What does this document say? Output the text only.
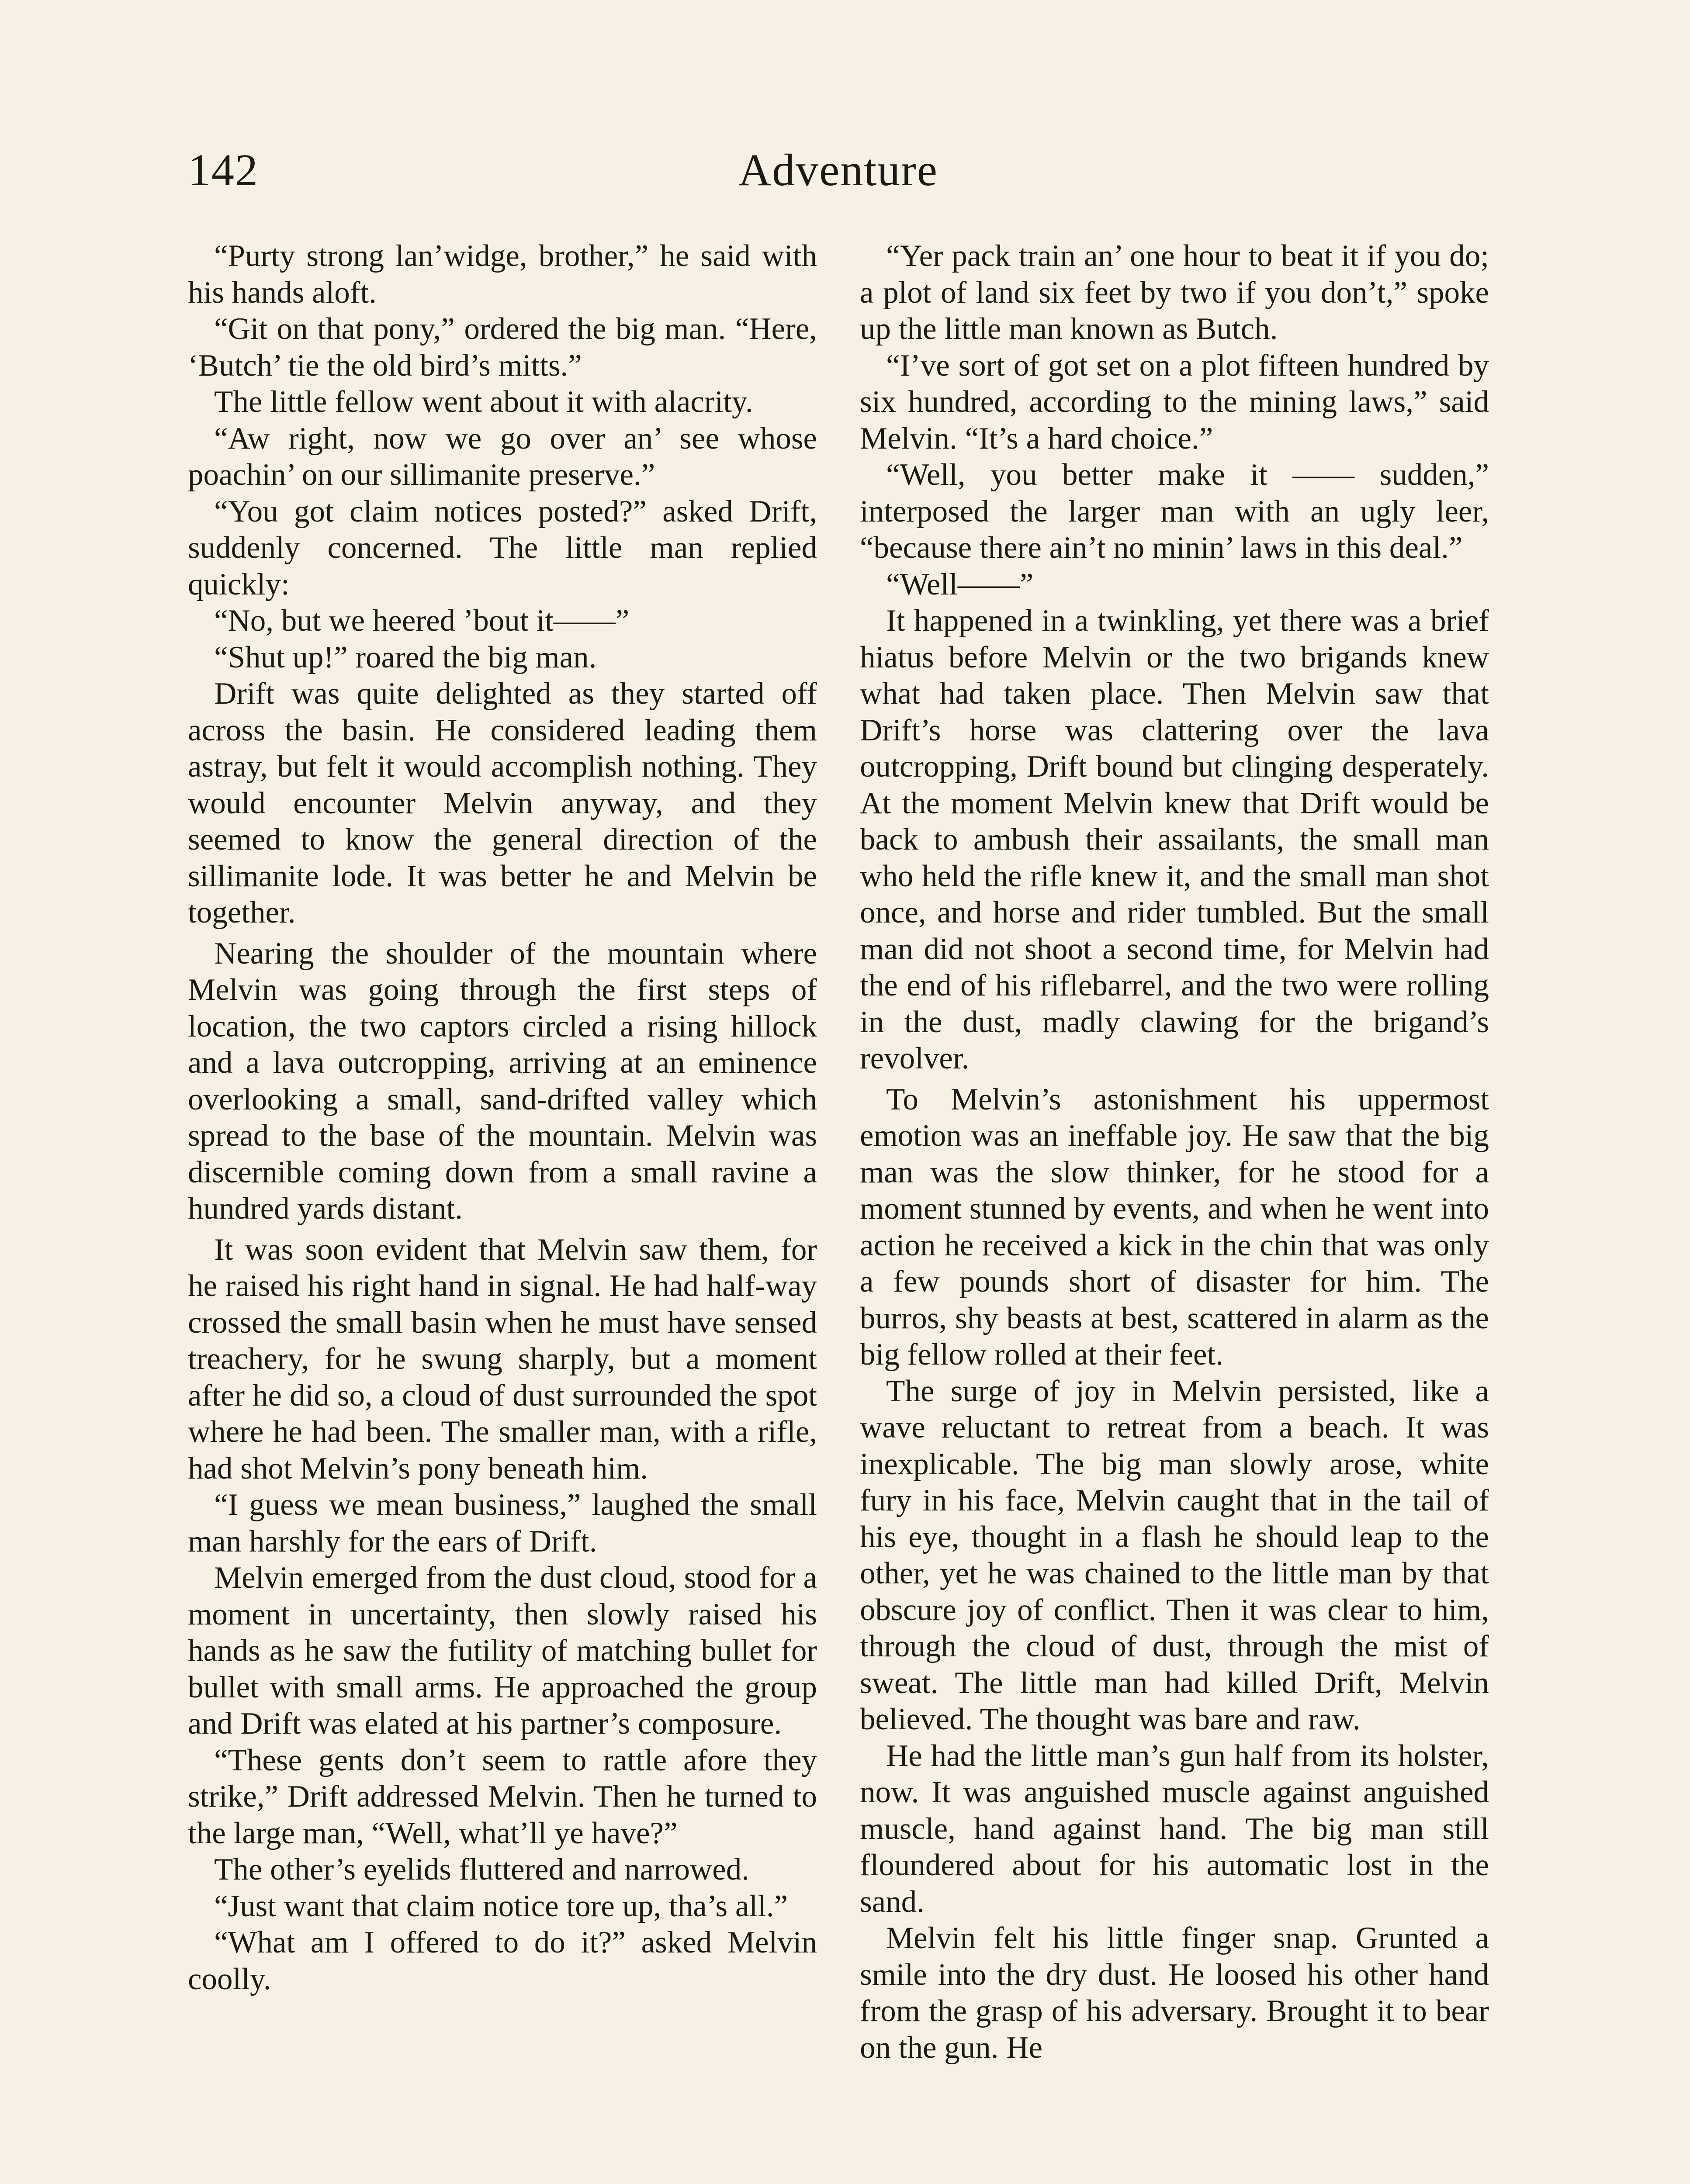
142	Adventure

“Purty strong lan’widge, brother,” he said with his hands aloft.

“Git on that pony,” ordered the big man. “Here, ‘Butch’ tie the old bird’s mitts.”

The little fellow went about it with alacrity.

“Aw right, now we go over an’ see whose poachin’ on our sillimanite preserve.”

“You got claim notices posted?” asked Drift, suddenly concerned. The little man replied quickly:

“No, but we heered ’bout it——”

“Shut up!” roared the big man.

Drift was quite delighted as they started off across the basin. He considered leading them astray, but felt it would accomplish nothing. They would encounter Melvin anyway, and they seemed to know the general direction of the sillimanite lode. It was better he and Melvin be together.

Nearing the shoulder of the mountain where Melvin was going through the first steps of location, the two captors circled a rising hillock and a lava outcropping, arriving at an eminence overlooking a small, sand-drifted valley which spread to the base of the mountain. Melvin was discernible coming down from a small ravine a hundred yards distant.

It was soon evident that Melvin saw them, for he raised his right hand in signal. He had half-way crossed the small basin when he must have sensed treachery, for he swung sharply, but a moment after he did so, a cloud of dust surrounded the spot where he had been. The smaller man, with a rifle, had shot Melvin’s pony beneath him.

“I guess we mean business,” laughed the small man harshly for the ears of Drift.

Melvin emerged from the dust cloud, stood for a moment in uncertainty, then slowly raised his hands as he saw the futility of matching bullet for bullet with small arms. He approached the group and Drift was elated at his partner’s composure.

“These gents don’t seem to rattle afore they strike,” Drift addressed Melvin. Then he turned to the large man, “Well, what’ll ye have?”

The other’s eyelids fluttered and narrowed.

“Just want that claim notice tore up, tha’s all.”

“What am I offered to do it?” asked Melvin coolly.

“Yer pack train an’ one hour to beat it if you do; a plot of land six feet by two if you don’t,” spoke up the little man known as Butch.

“I’ve sort of got set on a plot fifteen hundred by six hundred, according to the mining laws,” said Melvin. “It’s a hard choice.”

“Well, you better make it —— sudden,” interposed the larger man with an ugly leer, “because there ain’t no minin’ laws in this deal.”

“Well——”

It happened in a twinkling, yet there was a brief hiatus before Melvin or the two brigands knew what had taken place. Then Melvin saw that Drift’s horse was clattering over the lava outcropping, Drift bound but clinging desperately. At the moment Melvin knew that Drift would be back to ambush their assailants, the small man who held the rifle knew it, and the small man shot once, and horse and rider tumbled. But the small man did not shoot a second time, for Melvin had the end of his riflebarrel, and the two were rolling in the dust, madly clawing for the brigand’s revolver.

To Melvin’s astonishment his uppermost emotion was an ineffable joy. He saw that the big man was the slow thinker, for he stood for a moment stunned by events, and when he went into action he received a kick in the chin that was only a few pounds short of disaster for him. The burros, shy beasts at best, scattered in alarm as the big fellow rolled at their feet.

The surge of joy in Melvin persisted, like a wave reluctant to retreat from a beach. It was inexplicable. The big man slowly arose, white fury in his face, Melvin caught that in the tail of his eye, thought in a flash he should leap to the other, yet he was chained to the little man by that obscure joy of conflict. Then it was clear to him, through the cloud of dust, through the mist of sweat. The little man had killed Drift, Melvin believed. The thought was bare and raw.

He had the little man’s gun half from its holster, now. It was anguished muscle against anguished muscle, hand against hand. The big man still floundered about for his automatic lost in the sand.

Melvin felt his little finger snap. Grunted a smile into the dry dust. He loosed his other hand from the grasp of his adversary. Brought it to bear on the gun. He
